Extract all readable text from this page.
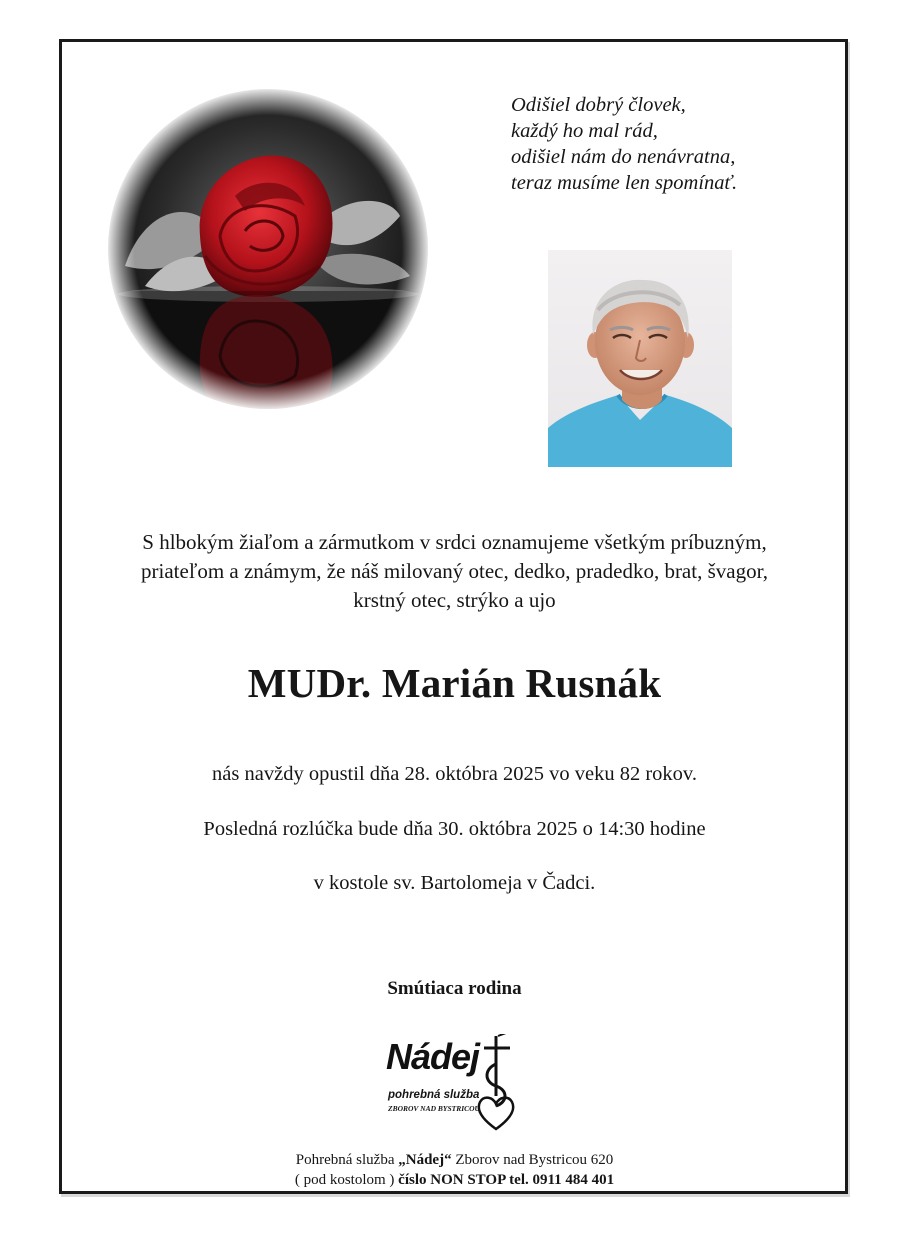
Odišiel dobrý človek,
každý ho mal rád,
odišiel nám do nenávratna,
teraz musíme len spomínať.
S hlbokým žiaľom a zármutkom v srdci oznamujeme všetkým príbuzným,
priateľom a známym, že náš milovaný otec, dedko, pradedko, brat, švagor,
krstný otec, strýko a ujo
MUDr. Marián Rusnák
nás navždy opustil dňa 28. októbra 2025 vo veku 82 rokov.
Posledná rozlúčka bude dňa 30. októbra 2025 o 14:30 hodine
v kostole sv. Bartolomeja v Čadci.
Smútiaca rodina
Nádej
pohrebná služba
ZBOROV NAD BYSTRICOU
Pohrebná služba „Nádej“ Zborov nad Bystricou 620
( pod kostolom ) číslo NON STOP tel. 0911 484 401
